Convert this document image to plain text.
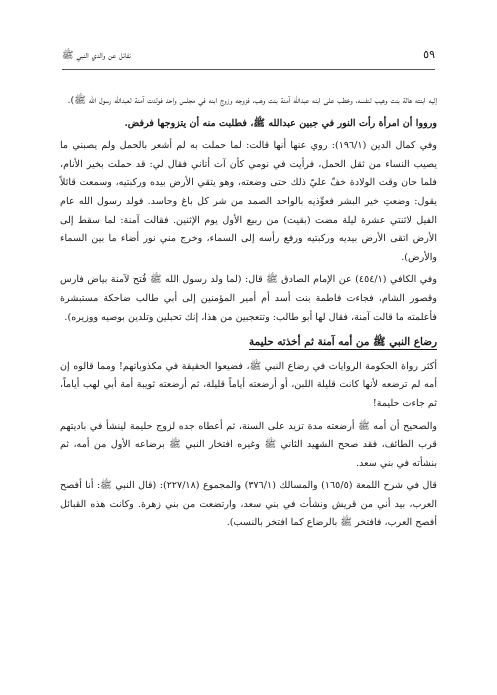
٥٩
نفائل عن والدي النبي ﷺ

إليه ابنته هالة بنت وهيب لنفسه، وخطب على ابنه عبدالله آمنة بنت وهب، فزوجه وزوج ابنه في مجلس واحد فولدت آمنة لعبدالله رسول الله ﷺ).

ورووا أن امرأة رأت النور في جبين عبدالله ﷺ، فطلبت منه أن يتزوجها فرفض.

وفي كمال الدين (١٩٦/١): روي عنها أنها قالت: لما حملت به لم أشعر بالحمل ولم يصبني ما يصيب النساء من ثقل الحمل، فرأيت في نومي كأن آت أتاني فقال لي: قد حملت بخير الأنام، فلما حان وقت الولادة خفّ عليّ ذلك حتى وضعته، وهو يتقي الأرض بيده وركبتيه، وسمعت قائلاً يقول: وضعتِ خير البشر فعوِّذيه بالواحد الصمد من شر كل باغ وحاسد. فولد رسول الله عام الفيل لاثنتي عشرة ليلة مضت (بقيت) من ربيع الأول يوم الإثنين. فقالت آمنة: لما سقط إلى الأرض اتقى الأرض بيديه وركبتيه ورفع رأسه إلى السماء، وخرج مني نور أضاء ما بين السماء والأرض).

وفي الكافي (٤٥٤/١) عن الإمام الصادق ﷺ قال: (لما ولد رسول الله ﷺ فُتح لآمنة بياض فارس وقصور الشام، فجاءت فاطمة بنت أسد أم أمير المؤمنين إلى أبي طالب ضاحكة مستبشرة فأعلمته ما قالت آمنة، فقال لها أبو طالب: وتتعجبين من هذا، إنك تحبلين وتلدين بوصيه ووزيره).

رضاع النبي ﷺ من أمه آمنة ثم أخذته حليمة

أكثر رواة الحكومة الروايات في رضاع النبي ﷺ، فضيعوا الحقيقة في مكذوباتهم! ومما قالوه إن أمه لم ترضعه لأنها كانت قليلة اللبن، أو أرضعته أياماً قليلة، ثم أرضعته ثويبة أمة أبي لهب أياماً، ثم جاءت حليمة!

والصحيح أن أمه ﷺ أرضعته مدة تزيد على السنة، ثم أعطاه جده لزوج حليمة لينشأ في باديتهم قرب الطائف، فقد صحح الشهيد الثاني ﷺ وغيره افتخار النبي ﷺ برضاعه الأول من أمه، ثم بنشأته في بني سعد.

قال في شرح اللمعة (١٦٥/٥) والمسالك (٣٧٦/١) والمجموع (٢٢٧/١٨): (قال النبي ﷺ: أنا أفصح العرب، بيد أني من قريش ونشأت في بني سعد، وارتضعت من بني زهرة. وكانت هذه القبائل أفصح العرب، فافتخر ﷺ بالرضاع كما افتخر بالنسب).
